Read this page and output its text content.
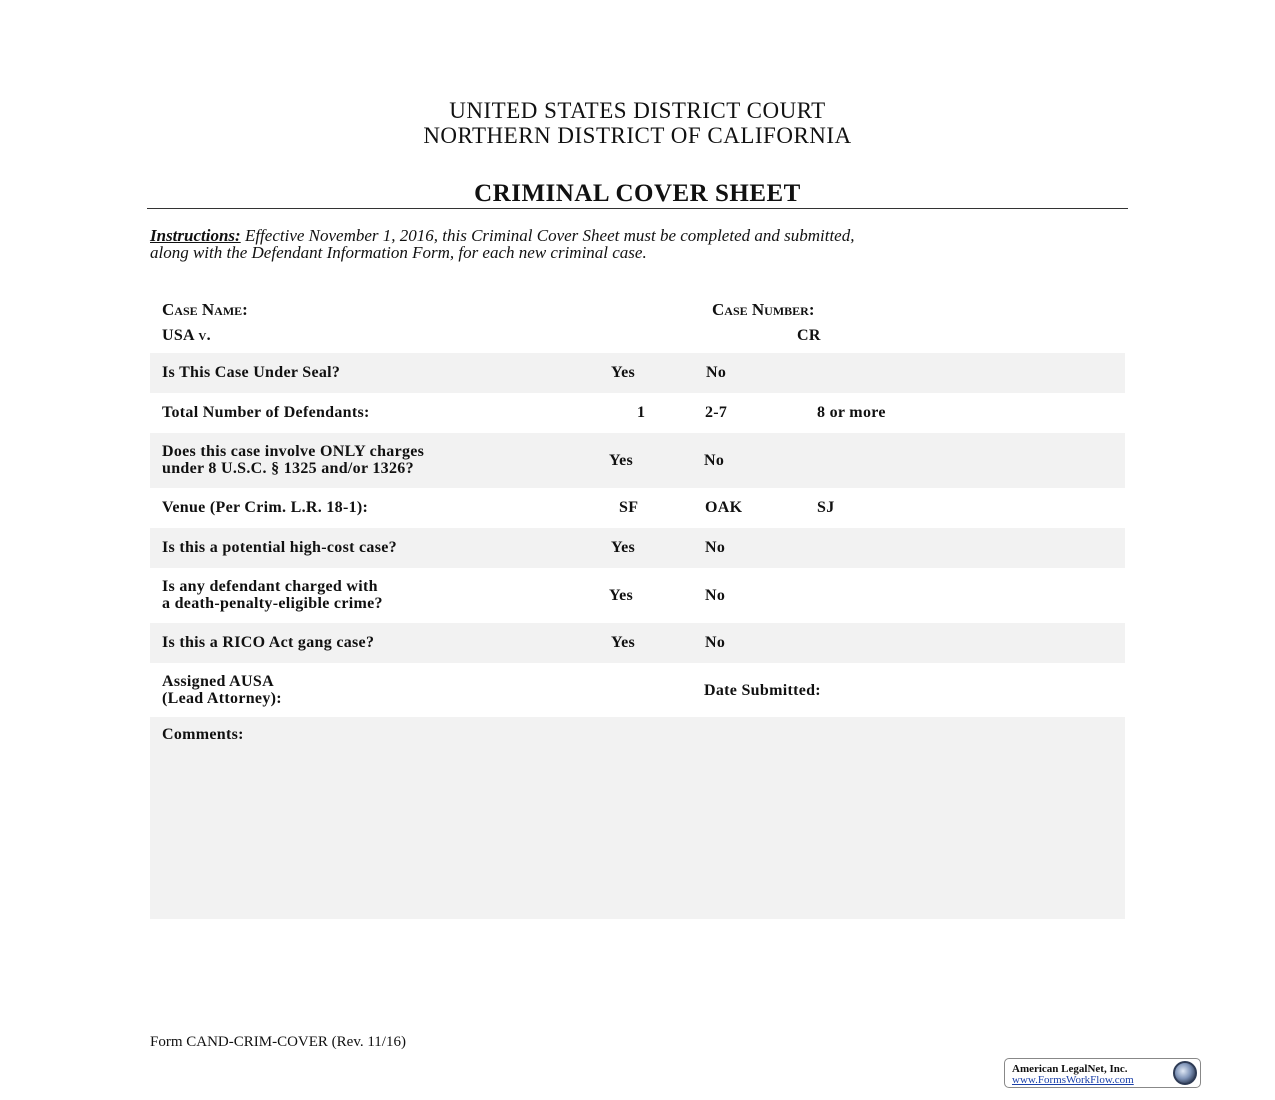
UNITED STATES DISTRICT COURT
NORTHERN DISTRICT OF CALIFORNIA
CRIMINAL COVER SHEET
Instructions: Effective November 1, 2016, this Criminal Cover Sheet must be completed and submitted,
along with the Defendant Information Form, for each new criminal case.
Case Name:	Case Number:
USA v.	CR
Is This Case Under Seal?	Yes	No
Total Number of Defendants:	1	2-7	8 or more
Does this case involve ONLY charges
under 8 U.S.C. § 1325 and/or 1326?	Yes	No
Venue (Per Crim. L.R. 18-1):	SF	OAK	SJ
Is this a potential high-cost case?	Yes	No
Is any defendant charged with
a death-penalty-eligible crime?	Yes	No
Is this a RICO Act gang case?	Yes	No
Assigned AUSA
(Lead Attorney):	Date Submitted:
Comments:
Form CAND-CRIM-COVER (Rev. 11/16)
American LegalNet, Inc.
www.FormsWorkFlow.com
